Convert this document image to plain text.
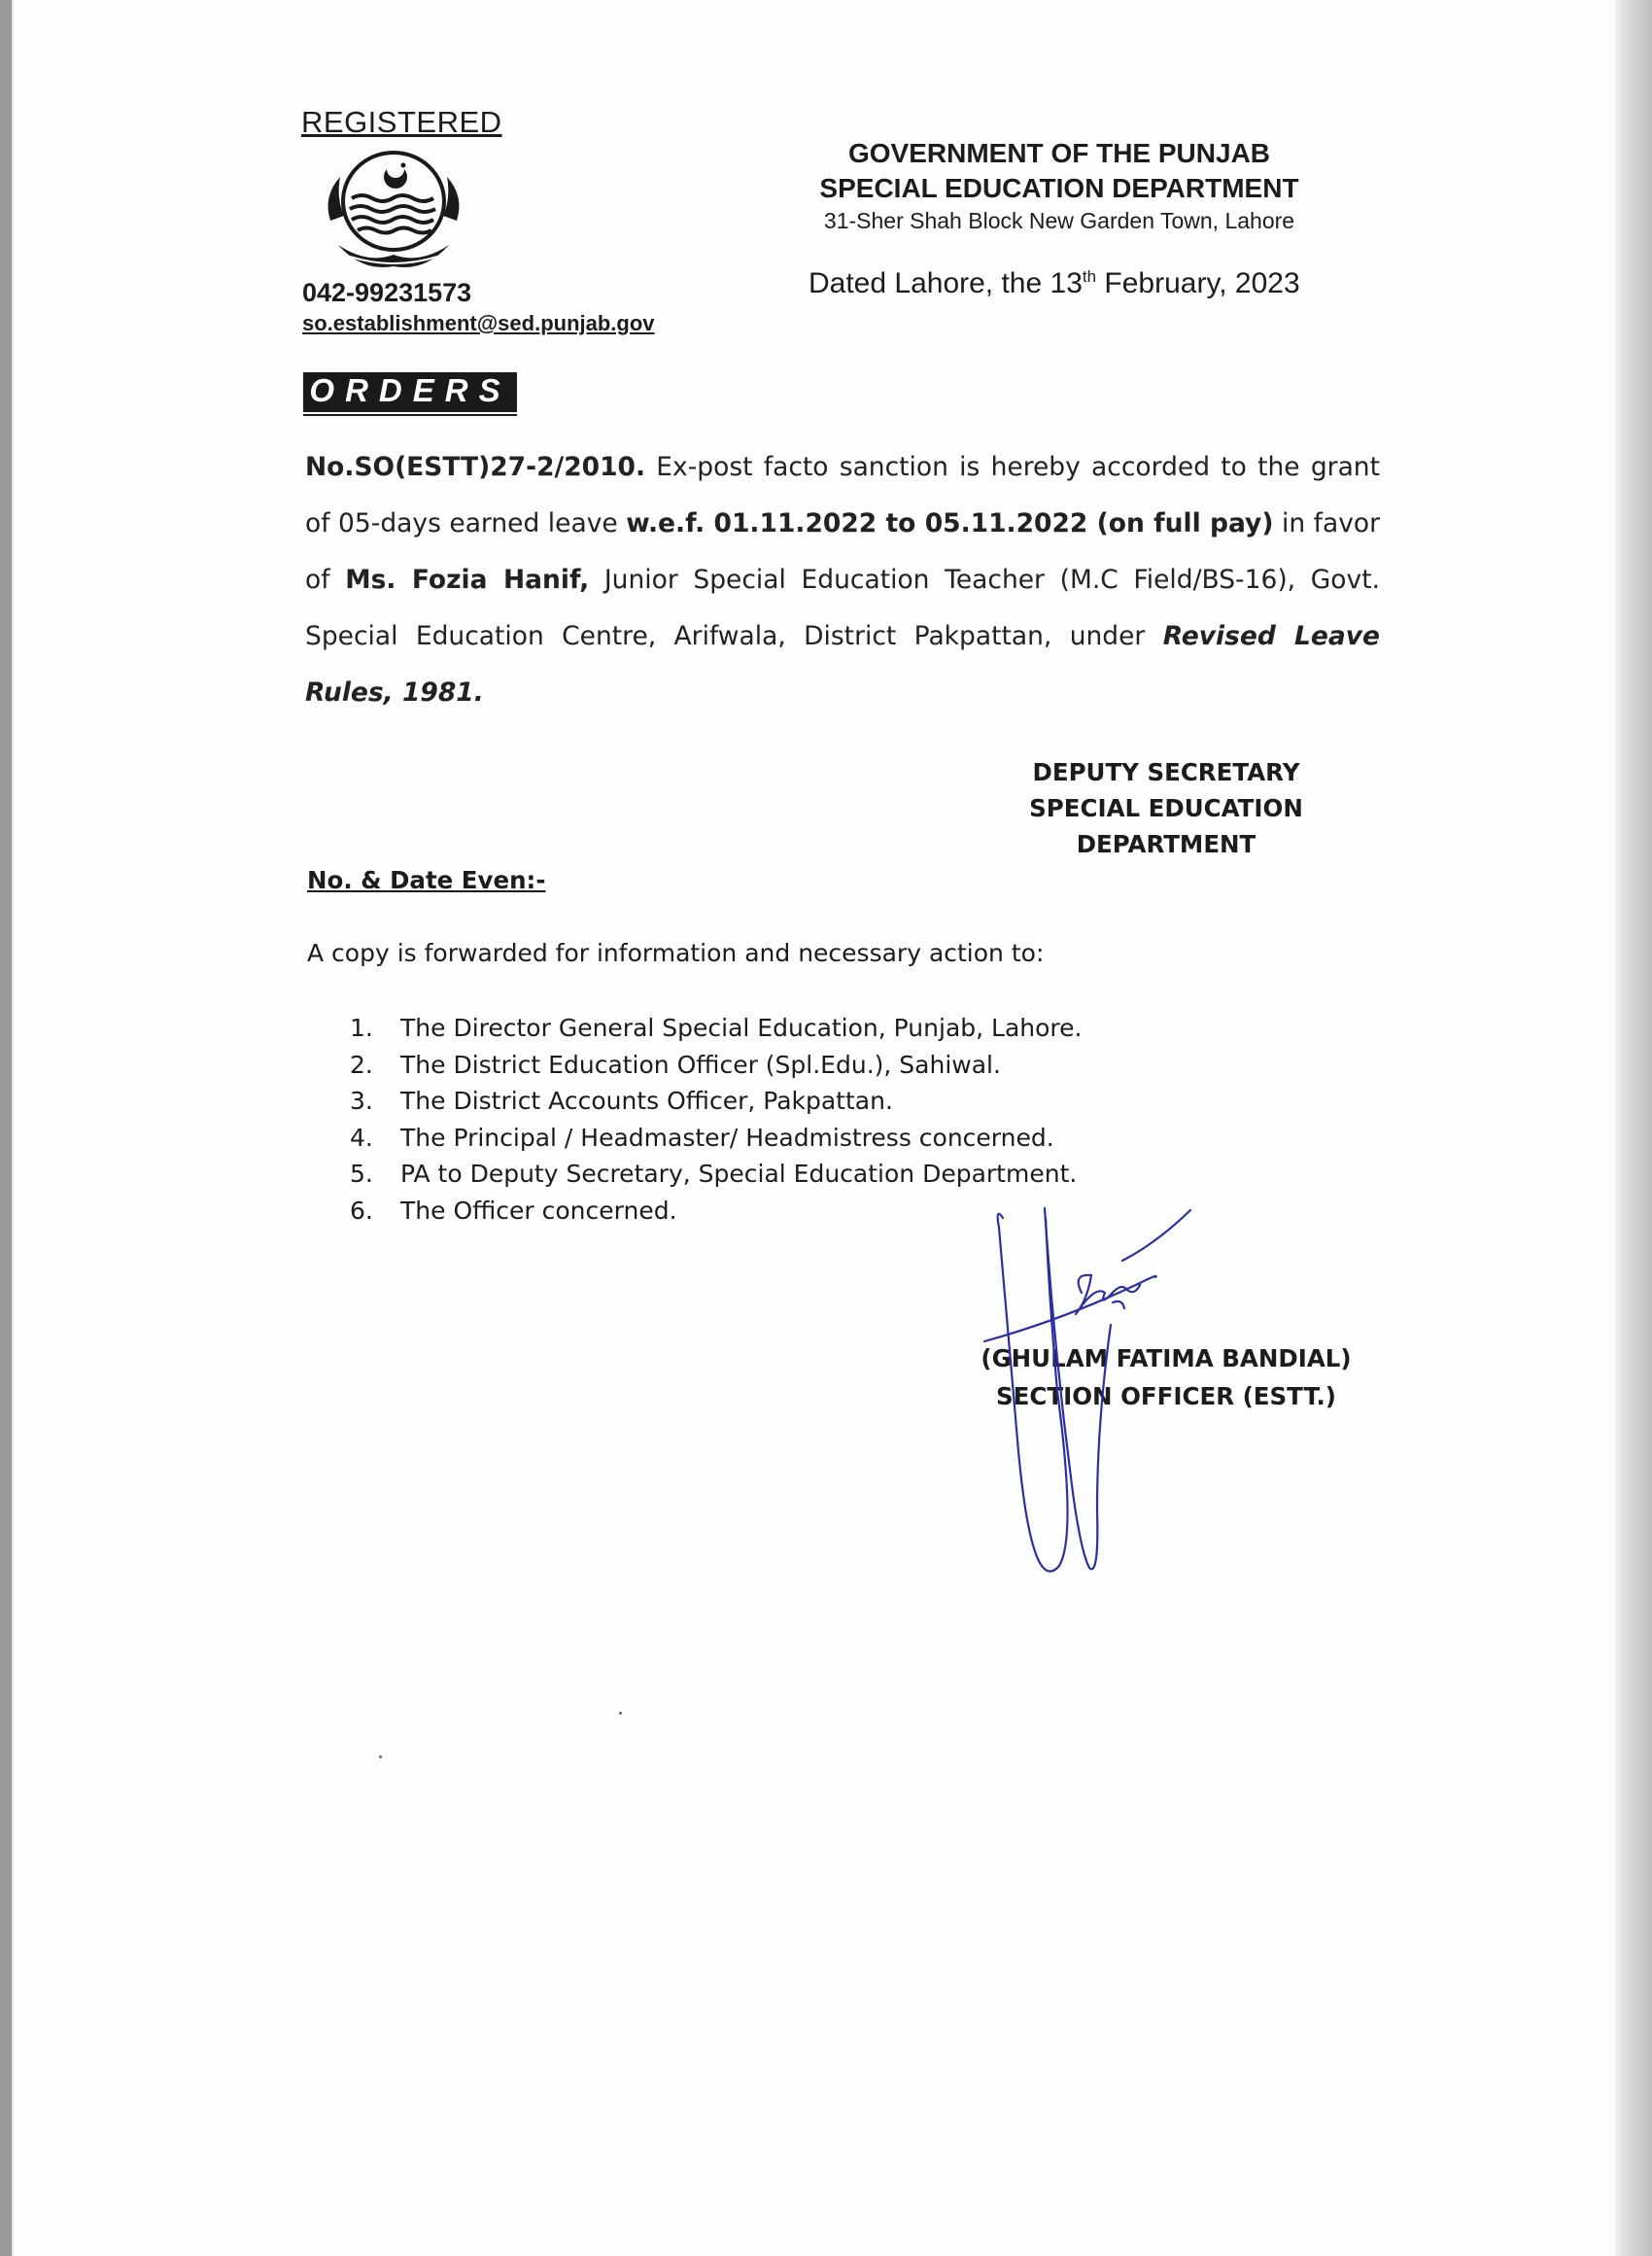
REGISTERED
042-99231573
so.establishment@sed.punjab.gov
GOVERNMENT OF THE PUNJAB
SPECIAL EDUCATION DEPARTMENT
31-Sher Shah Block New Garden Town, Lahore
Dated Lahore, the 13th February, 2023
ORDERS
No.SO(ESTT)27-2/2010. Ex-post facto sanction is hereby accorded to the grant of 05-days earned leave w.e.f. 01.11.2022 to 05.11.2022 (on full pay) in favor of Ms. Fozia Hanif, Junior Special Education Teacher (M.C Field/BS-16), Govt. Special Education Centre, Arifwala, District Pakpattan, under Revised Leave Rules, 1981.
DEPUTY SECRETARY
SPECIAL EDUCATION
DEPARTMENT
No. & Date Even:-
A copy is forwarded for information and necessary action to:
1.	The Director General Special Education, Punjab, Lahore.
2.	The District Education Officer (Spl.Edu.), Sahiwal.
3.	The District Accounts Officer, Pakpattan.
4.	The Principal / Headmaster/ Headmistress concerned.
5.	PA to Deputy Secretary, Special Education Department.
6.	The Officer concerned.
(GHULAM FATIMA BANDIAL)
SECTION OFFICER (ESTT.)
